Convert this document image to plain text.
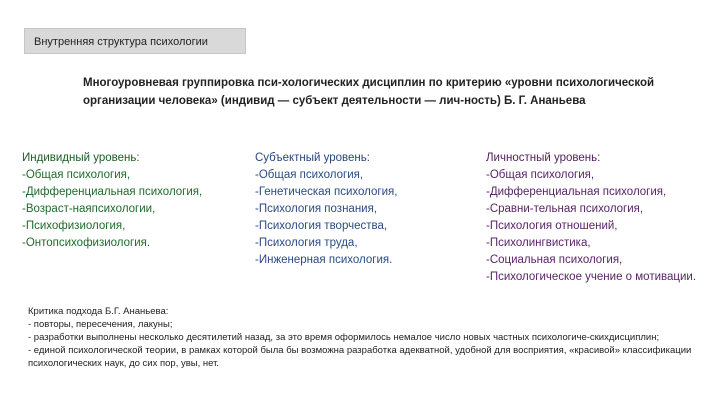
Внутренняя структура психологии
Многоуровневая группировка пси-хологических дисциплин по критерию «уровни психологической организации человека» (индивид — субъект деятельности — лич-ность) Б. Г. Ананьева
Индивидный уровень:
-Общая психология,
-Дифференциальная психология,
-Возраст-наяпсихологии,
-Психофизиология,
-Онтопсихофизиология.
Субъектный уровень:
-Общая психология,
-Генетическая психология,
-Психология познания,
-Психология творчества,
-Психология труда,
-Инженерная психология.
Личностный уровень:
-Общая психология,
-Дифференциальная психология,
-Сравни-тельная психология,
-Психология отношений,
-Психолингвистика,
-Социальная психология,
-Психологическое учение о мотивации.
Критика подхода Б.Г. Ананьева:
- повторы, пересечения, лакуны;
- разработки выполнены несколько десятилетий назад, за это время оформилось немалое число новых частных психологиче-скихдисциплин;
- единой психологической теории, в рамках которой была бы возможна разработка адекватной, удобной для восприятия, «красивой» классификации психологических наук, до сих пор, увы, нет.
